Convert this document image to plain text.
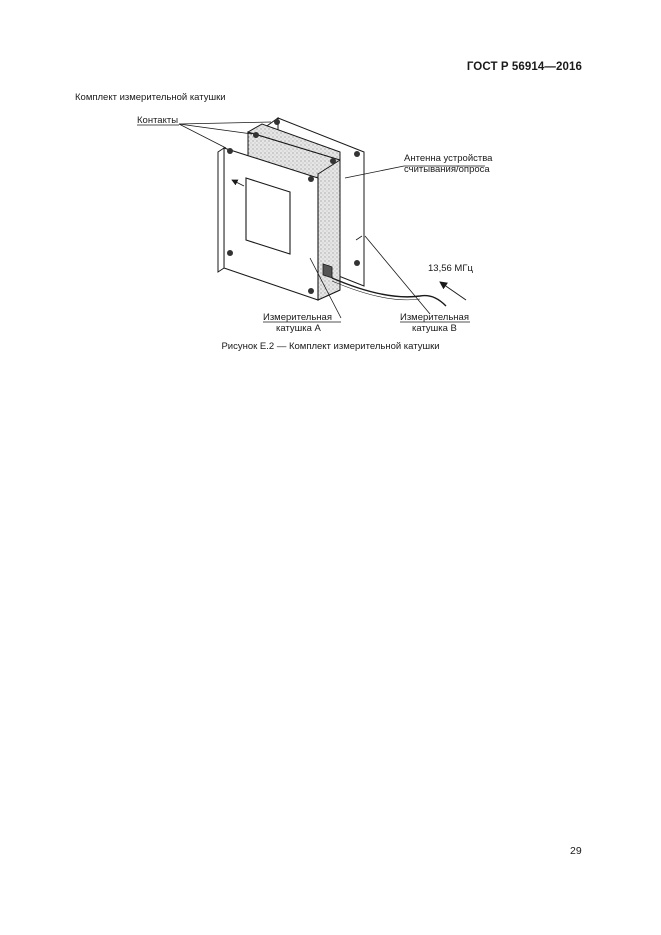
ГОСТ Р 56914—2016
Комплект измерительной катушки
Контакты
Антенна устройства
считывания/опроса
13,56 МГц
Измерительная
катушка А
Измерительная
катушка В
Рисунок Е.2 — Комплект измерительной катушки
29
